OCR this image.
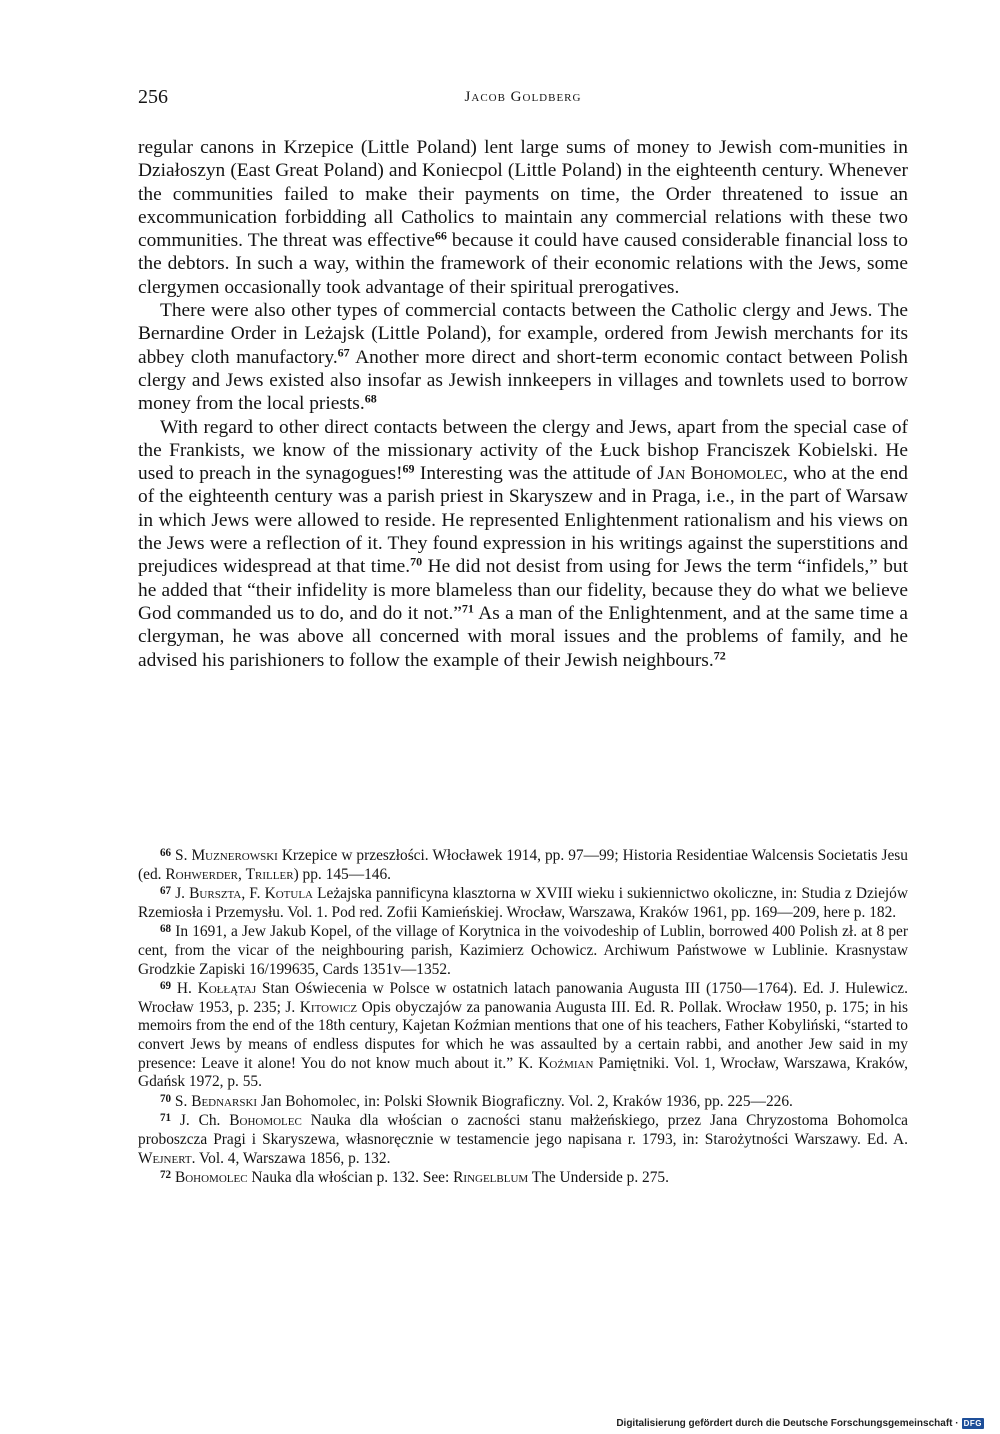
256	Jacob Goldberg

regular canons in Krzepice (Little Poland) lent large sums of money to Jewish com-munities in Działoszyn (East Great Poland) and Koniecpol (Little Poland) in the eighteenth century. Whenever the communities failed to make their payments on time, the Order threatened to issue an excommunication forbidding all Catholics to maintain any commercial relations with these two communities. The threat was effective$^{66}$ because it could have caused considerable financial loss to the debtors. In such a way, within the framework of their economic relations with the Jews, some clergymen occasionally took advantage of their spiritual prerogatives.

There were also other types of commercial contacts between the Catholic clergy and Jews. The Bernardine Order in Leżajsk (Little Poland), for example, ordered from Jewish merchants for its abbey cloth manufactory.$^{67}$ Another more direct and short-term economic contact between Polish clergy and Jews existed also insofar as Jewish innkeepers in villages and townlets used to borrow money from the local priests.$^{68}$

With regard to other direct contacts between the clergy and Jews, apart from the special case of the Frankists, we know of the missionary activity of the Łuck bishop Franciszek Kobielski. He used to preach in the synagogues!$^{69}$ Interesting was the attitude of Jan Bohomolec, who at the end of the eighteenth century was a parish priest in Skaryszew and in Praga, i.e., in the part of Warsaw in which Jews were allowed to reside. He represented Enlightenment rationalism and his views on the Jews were a reflection of it. They found expression in his writings against the superstitions and prejudices widespread at that time.$^{70}$ He did not desist from using for Jews the term “infidels,” but he added that “their infidelity is more blameless than our fidelity, because they do what we believe God commanded us to do, and do it not.”$^{71}$ As a man of the Enlightenment, and at the same time a clergyman, he was above all concerned with moral issues and the problems of family, and he advised his parishioners to follow the example of their Jewish neighbours.$^{72}$

$^{66}$ S. Muznerowski Krzepice w przeszłości. Włocławek 1914, pp. 97—99; Historia Residentiae Walcensis Societatis Jesu (ed. Rohwerder, Triller) pp. 145—146.

$^{67}$ J. Burszta, F. Kotula Leżajska pannificyna klasztorna w XVIII wieku i sukiennictwo okoliczne, in: Studia z Dziejów Rzemiosła i Przemysłu. Vol. 1. Pod red. Zofii Kamieńskiej. Wrocław, Warszawa, Kraków 1961, pp. 169—209, here p. 182.

$^{68}$ In 1691, a Jew Jakub Kopel, of the village of Korytnica in the voivodeship of Lublin, borrowed 400 Polish zł. at 8 per cent, from the vicar of the neighbouring parish, Kazimierz Ochowicz. Archiwum Państwowe w Lublinie. Krasnystaw Grodzkie Zapiski 16/199635, Cards 1351v—1352.

$^{69}$ H. Kołłątaj Stan Oświecenia w Polsce w ostatnich latach panowania Augusta III (1750—1764). Ed. J. Hulewicz. Wrocław 1953, p. 235; J. Kitowicz Opis obyczajów za panowania Augusta III. Ed. R. Pollak. Wrocław 1950, p. 175; in his memoirs from the end of the 18th century, Kajetan Koźmian mentions that one of his teachers, Father Kobyliński, “started to convert Jews by means of endless disputes for which he was assaulted by a certain rabbi, and another Jew said in my presence: Leave it alone! You do not know much about it.” K. Koźmian Pamiętniki. Vol. 1, Wrocław, Warszawa, Kraków, Gdańsk 1972, p. 55.

$^{70}$ S. Bednarski Jan Bohomolec, in: Polski Słownik Biograficzny. Vol. 2, Kraków 1936, pp. 225—226.

$^{71}$ J. Ch. Bohomolec Nauka dla włościan o zacności stanu małżeńskiego, przez Jana Chryzostoma Bohomolca proboszcza Pragi i Skaryszewa, własnoręcznie w testamencie jego napisana r. 1793, in: Starożytności Warszawy. Ed. A. Wejnert. Vol. 4, Warszawa 1856, p. 132.

$^{72}$ Bohomolec Nauka dla włościan p. 132. See: Ringelblum The Underside p. 275.

Digitalisierung gefördert durch die Deutsche Forschungsgemeinschaft · DFG
